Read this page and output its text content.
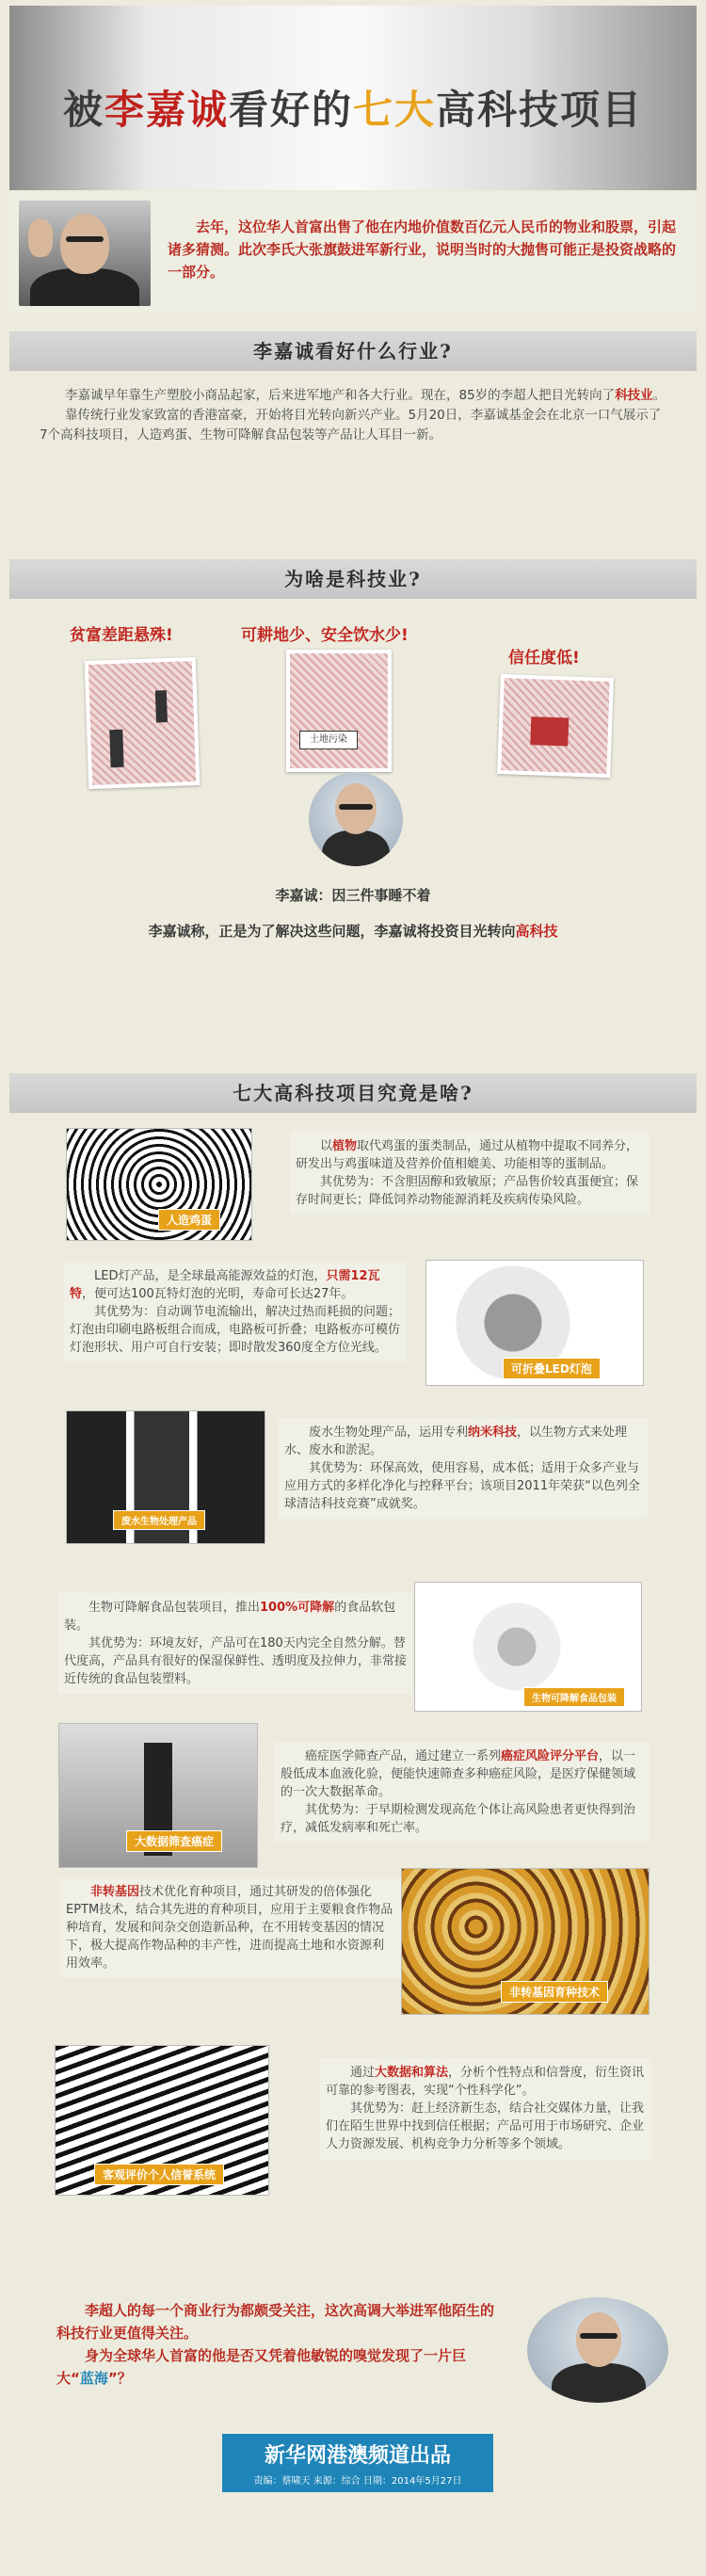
被李嘉诚看好的七大高科技项目
去年，这位华人首富出售了他在内地价值数百亿元人民币的物业和股票，引起诸多猜测。此次李氏大张旗鼓进军新行业，说明当时的大抛售可能正是投资战略的一部分。
李嘉诚看好什么行业?

李嘉诚早年靠生产塑胶小商品起家，后来进军地产和各大行业。现在，85岁的李超人把目光转向了科技业。

靠传统行业发家致富的香港富豪，开始将目光转向新兴产业。5月20日，李嘉诚基金会在北京一口气展示了7个高科技项目，人造鸡蛋、生物可降解食品包装等产品让人耳目一新。

为啥是科技业?
贫富差距悬殊!	可耕地少、安全饮水少!
信任度低!
土地污染
李嘉诚：因三件事睡不着
李嘉诚称，正是为了解决这些问题，李嘉诚将投资目光转向高科技
七大高科技项目究竟是啥?
人造鸡蛋

以植物取代鸡蛋的蛋类制品，通过从植物中提取不同养分，研发出与鸡蛋味道及营养价值相媲美、功能相等的蛋制品。

其优势为：不含胆固醇和致敏原；产品售价较真蛋便宜；保存时间更长；降低饲养动物能源消耗及疾病传染风险。

LED灯产品，是全球最高能源效益的灯泡，只需12瓦特，便可达100瓦特灯泡的光明，寿命可长达27年。

其优势为：自动调节电流输出，解决过热而耗损的问题；灯泡由印刷电路板组合而成，电路板可折叠；电路板亦可模仿灯泡形状、用户可自行安装；即时散发360度全方位光线。

可折叠LED灯泡
废水生物处理产品

废水生物处理产品，运用专利纳米科技，以生物方式来处理水、废水和淤泥。

其优势为：环保高效，使用容易，成本低；适用于众多产业与应用方式的多样化净化与控释平台；该项目2011年荣获“以色列全球清洁科技竞赛”成就奖。

生物可降解食品包装项目，推出100%可降解的食品软包装。

其优势为：环境友好，产品可在180天内完全自然分解。替代度高，产品具有很好的保湿保鲜性、透明度及拉伸力，非常接近传统的食品包装塑料。

生物可降解食品包装
大数据筛查癌症

癌症医学筛查产品，通过建立一系列癌症风险评分平台，以一般低成本血液化验，便能快速筛查多种癌症风险，是医疗保健领域的一次大数据革命。

其优势为：于早期检测发现高危个体让高风险患者更快得到治疗，减低发病率和死亡率。

非转基因技术优化育种项目，通过其研发的倍体强化EPTM技术，结合其先进的育种项目，应用于主要粮食作物品种培育，发展和间杂交创造新品种，在不用转变基因的情况下，极大提高作物品种的丰产性，进而提高土地和水资源利用效率。

非转基因育种技术
客观评价个人信誉系统

通过大数据和算法，分析个性特点和信誉度，衍生资讯可靠的参考图表，实现“个性科学化”。

其优势为：赶上经济新生态，结合社交媒体力量，让我们在陌生世界中找到信任根据；产品可用于市场研究、企业人力资源发展、机构竞争力分析等多个领域。

李超人的每一个商业行为都颇受关注，这次高调大举进军他陌生的科技行业更值得关注。

身为全球华人首富的他是否又凭着他敏锐的嗅觉发现了一片巨大“蓝海”？

新华网港澳频道出品
责编：蔡啸天 来源：综合 日期：2014年5月27日
